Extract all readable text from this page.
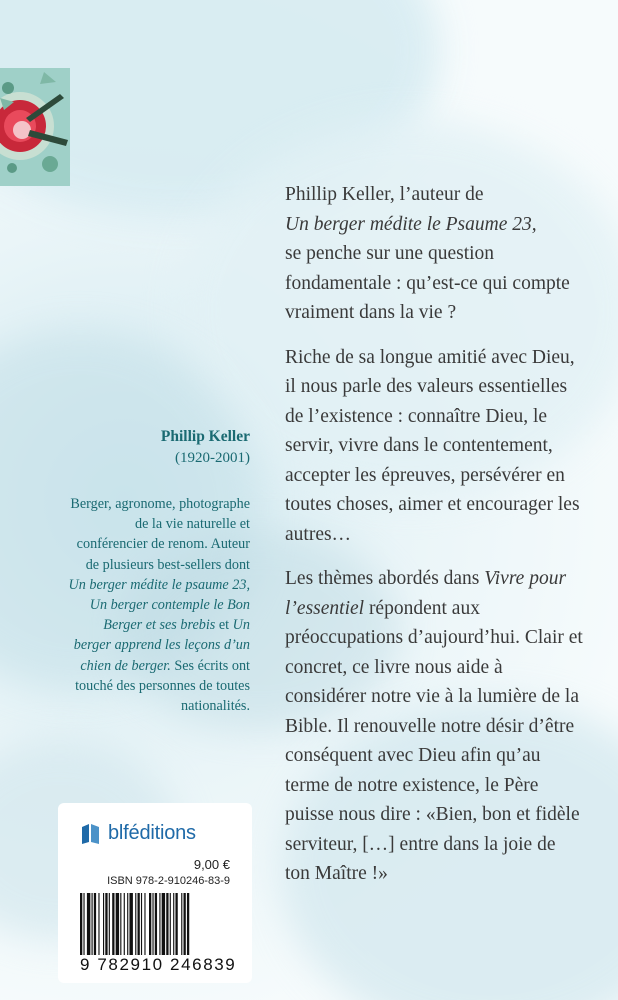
Phillip Keller, l’auteur de
Un berger médite le Psaume 23,
se penche sur une question fondamentale : qu’est-ce qui compte vraiment dans la vie ?

Riche de sa longue amitié avec Dieu, il nous parle des valeurs essentielles de l’existence : connaître Dieu, le servir, vivre dans le contentement, accepter les épreuves, persévérer en toutes choses, aimer et encourager les autres…

Les thèmes abordés dans Vivre pour l’essentiel répondent aux préoccupations d’aujourd’hui. Clair et concret, ce livre nous aide à considérer notre vie à la lumière de la Bible. Il renouvelle notre désir d’être conséquent avec Dieu afin qu’au terme de notre existence, le Père puisse nous dire : «Bien, bon et fidèle serviteur, […] entre dans la joie de ton Maître !»

Phillip Keller
(1920-2001)
Berger, agronome, photographe de la vie naturelle et conférencier de renom. Auteur de plusieurs best-sellers dont Un berger médite le psaume 23, Un berger contemple le Bon Berger et ses brebis et Un berger apprend les leçons d’un chien de berger. Ses écrits ont touché des personnes de toutes nationalités.
blféditions
9,00 €
ISBN 978-2-910246-83-9
9 782910 246839
